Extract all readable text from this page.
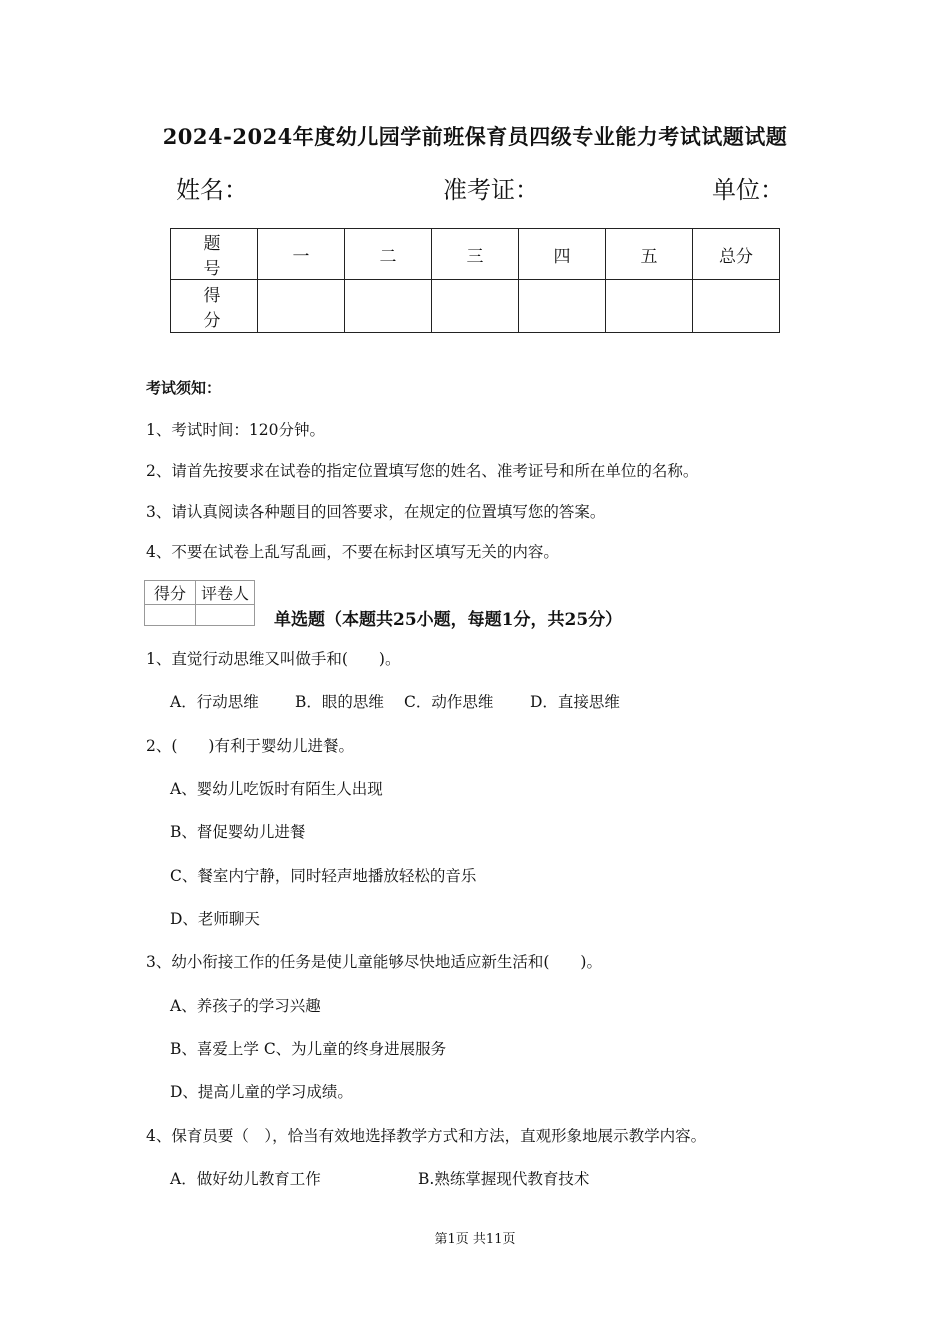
2024-2024年度幼儿园学前班保育员四级专业能力考试试题试题
姓名：	准考证：	单位：
题 号	一	二	三	四	五	总分
得 分						
考试须知：
1、考试时间：120分钟。
2、请首先按要求在试卷的指定位置填写您的姓名、准考证号和所在单位的名称。
3、请认真阅读各种题目的回答要求，在规定的位置填写您的答案。
4、不要在试卷上乱写乱画，不要在标封区填写无关的内容。
得分	评卷人

单选题（本题共25小题，每题1分，共25分）
1、直觉行动思维又叫做手和(　　)。
A．行动思维 B．眼的思维 C．动作思维 D．直接思维
2、(　　)有利于婴幼儿进餐。
A、婴幼儿吃饭时有陌生人出现
B、督促婴幼儿进餐
C、餐室内宁静，同时轻声地播放轻松的音乐
D、老师聊天
3、幼小衔接工作的任务是使儿童能够尽快地适应新生活和(　　)。
A、养孩子的学习兴趣
B、喜爱上学 C、为儿童的终身进展服务
D、提高儿童的学习成绩。
4、保育员要（　），恰当有效地选择教学方式和方法，直观形象地展示教学内容。
A．做好幼儿教育工作	B.熟练掌握现代教育技术
第1页 共11页
